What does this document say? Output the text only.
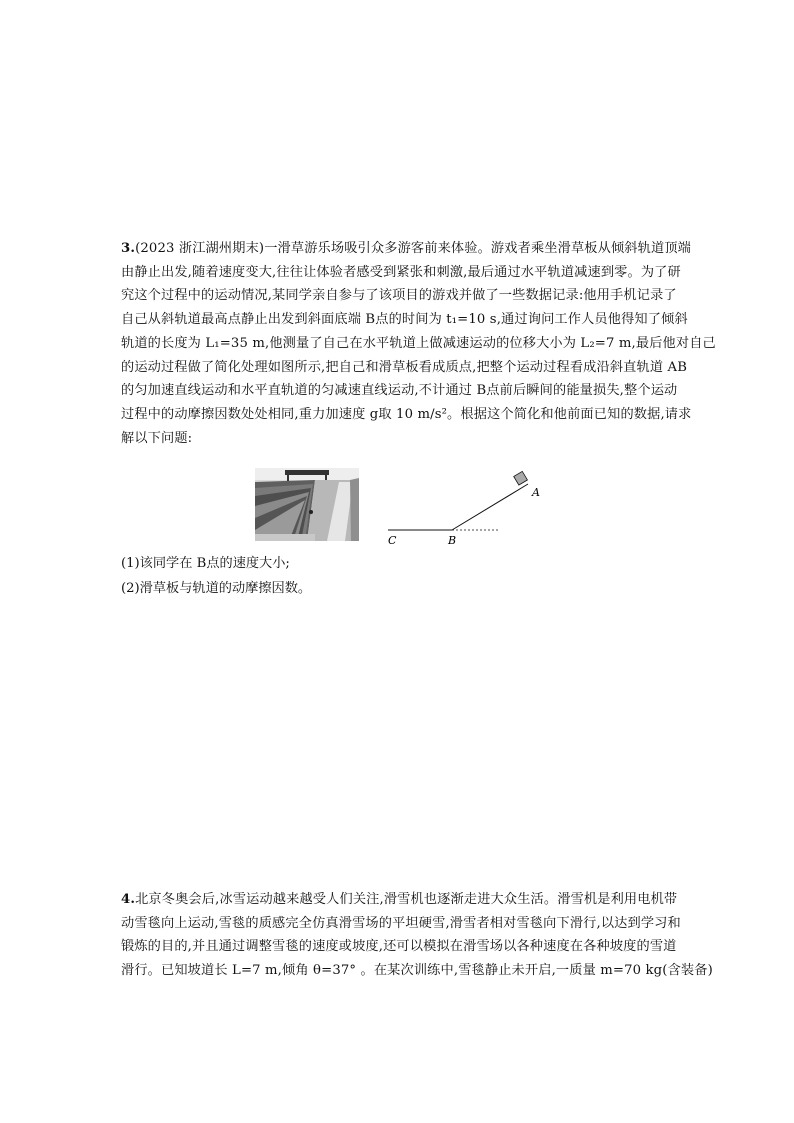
3.(2023 浙江湖州期末)一滑草游乐场吸引众多游客前来体验。游戏者乘坐滑草板从倾斜轨道顶端
由静止出发,随着速度变大,往往让体验者感受到紧张和刺激,最后通过水平轨道减速到零。为了研
究这个过程中的运动情况,某同学亲自参与了该项目的游戏并做了一些数据记录:他用手机记录了
自己从斜轨道最高点静止出发到斜面底端 B点的时间为 t₁=10 s,通过询问工作人员他得知了倾斜
轨道的长度为 L₁=35 m,他测量了自己在水平轨道上做减速运动的位移大小为 L₂=7 m,最后他对自己
的运动过程做了简化处理如图所示,把自己和滑草板看成质点,把整个运动过程看成沿斜直轨道 AB
的匀加速直线运动和水平直轨道的匀减速直线运动,不计通过 B点前后瞬间的能量损失,整个运动
过程中的动摩擦因数处处相同,重力加速度 g取 10 m/s²。根据这个简化和他前面已知的数据,请求
解以下问题:
A
B
C
(1)该同学在 B点的速度大小;
(2)滑草板与轨道的动摩擦因数。
4.北京冬奥会后,冰雪运动越来越受人们关注,滑雪机也逐渐走进大众生活。滑雪机是利用电机带
动雪毯向上运动,雪毯的质感完全仿真滑雪场的平坦硬雪,滑雪者相对雪毯向下滑行,以达到学习和
锻炼的目的,并且通过调整雪毯的速度或坡度,还可以模拟在滑雪场以各种速度在各种坡度的雪道
滑行。已知坡道长 L=7 m,倾角 θ=37° 。在某次训练中,雪毯静止未开启,一质量 m=70 kg(含装备)
